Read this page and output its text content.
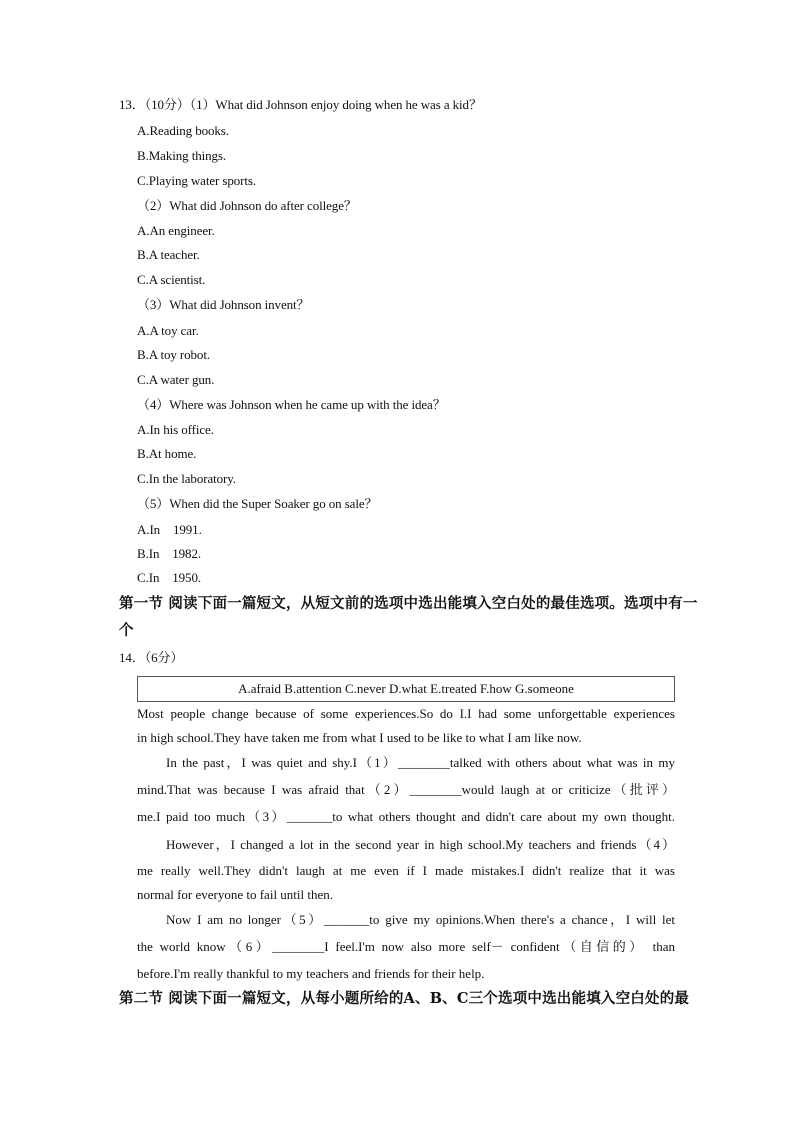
13．（10分）（1）What did Johnson enjoy doing when he was a kid？
A.Reading books.
B.Making things.
C.Playing water sports.
（2）What did Johnson do after college？
A.An engineer.
B.A teacher.
C.A scientist.
（3）What did Johnson invent？
A.A toy car.
B.A toy robot.
C.A water gun.
（4）Where was Johnson when he came up with the idea？
A.In his office.
B.At home.
C.In the laboratory.
（5）When did the Super Soaker go on sale？
A.In　1991.
B.In　1982.
C.In　1950.
第一节 阅读下面一篇短文，从短文前的选项中选出能填入空白处的最佳选项。选项中有一
个
14．（6分）
A.afraid B.attention C.never D.what E.treated F.how G.someone
Most people change because of some experiences.So do I.I had some unforgettable experiences
in high school.They have taken me from what I used to be like to what I am like now.
In the past，I was quiet and shy.I（1）________talked with others about what was in my
mind.That was because I was afraid that（2）________would laugh at or criticize（批评）
me.I paid too much（3）_______to what others thought and didn't care about my own thought.
However，I changed a lot in the second year in high school.My teachers and friends（4）
me really well.They didn't laugh at me even if I made mistakes.I didn't realize that it was
normal for everyone to fail until then.
Now I am no longer（5）_______to give my opinions.When there's a chance，I will let
the world know（6）________I feel.I'm now also more self－ confident（自信的） than
before.I'm really thankful to my teachers and friends for their help.
第二节 阅读下面一篇短文，从每小题所给的A、B、C三个选项中选出能填入空白处的最
